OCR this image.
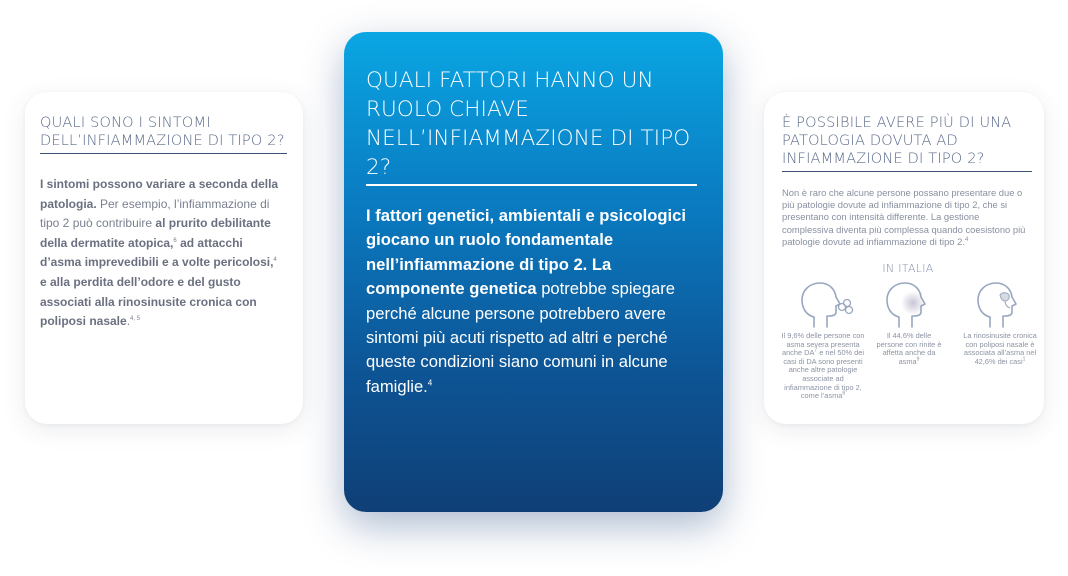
QUALI SONO I SINTOMI
DELL’INFIAMMAZIONE DI TIPO 2?
I sintomi possono variare a seconda della patologia. Per esempio, l’infiammazione di tipo 2 può contribuire al prurito debilitante della dermatite atopica,$^6$ ad attacchi d’asma imprevedibili e a volte pericolosi,$^4$ e alla perdita dell’odore e del gusto associati alla rinosinusite cronica con poliposi nasale.$^{4, 5}$
QUALI FATTORI HANNO UN
RUOLO CHIAVE
NELL’INFIAMMAZIONE DI TIPO 2?
I fattori genetici, ambientali e psicologici giocano un ruolo fondamentale nell’infiammazione di tipo 2. La componente genetica potrebbe spiegare perché alcune persone potrebbero avere sintomi più acuti rispetto ad altri e perché queste condizioni siano comuni in alcune famiglie.$^4$
È POSSIBILE AVERE PIÙ DI UNA
PATOLOGIA DOVUTA AD
INFIAMMAZIONE DI TIPO 2?
Non è raro che alcune persone possano presentare due o più patologie dovute ad infiammazione di tipo 2, che si presentano con intensità differente. La gestione complessiva diventa più complessa quando coesistono più patologie dovute ad infiammazione di tipo 2.$^4$
IN ITALIA
Il 9,6% delle persone con asma severa presenta anche $DA^7$ e nel 50% dei casi di DA sono presenti anche altre patologie associate ad infiammazione di tipo 2, come l’asma$^8$
Il 44,6% delle persone con rinite è affetta anche da asma$^9$
La rinosinusite cronica con poliposi nasale è associata all’asma nel 42,6% dei casi$^1$
